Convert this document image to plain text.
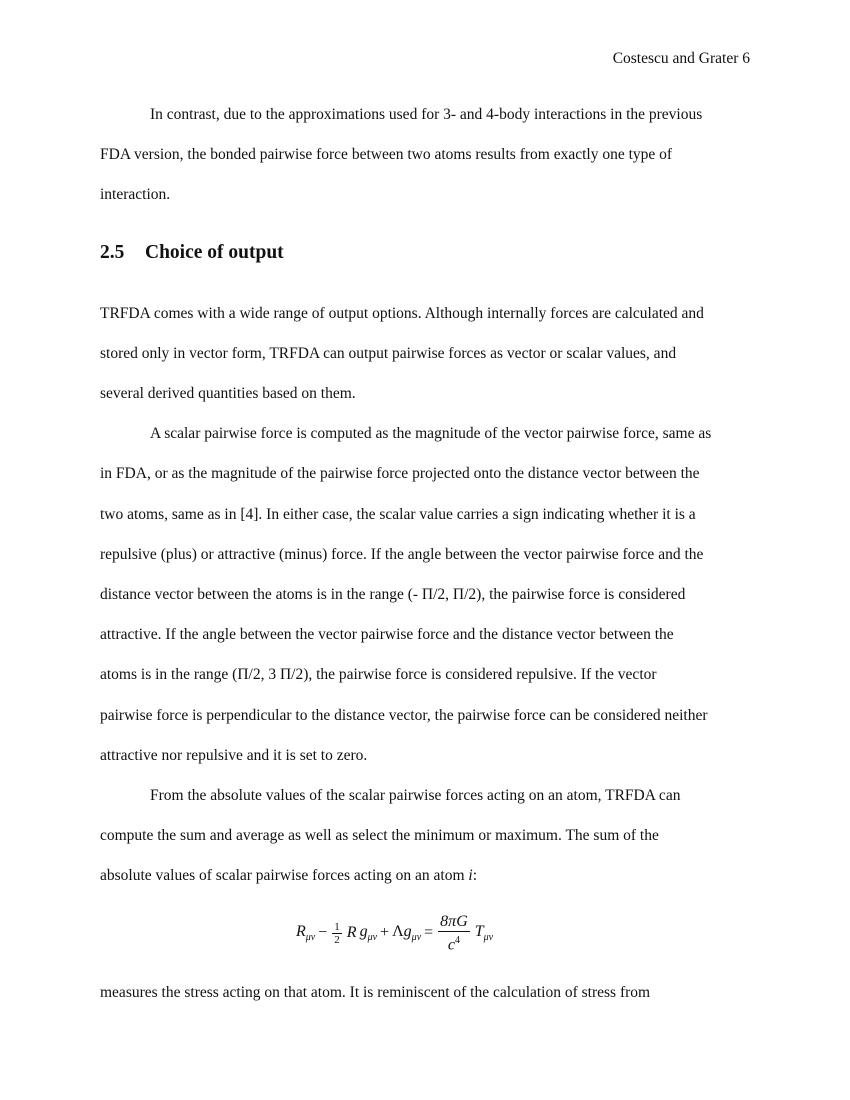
Costescu and Grater 6

In contrast, due to the approximations used for 3- and 4-body interactions in the previous
FDA version, the bonded pairwise force between two atoms results from exactly one type of
interaction.

2.5 Choice of output

TRFDA comes with a wide range of output options. Although internally forces are calculated and
stored only in vector form, TRFDA can output pairwise forces as vector or scalar values, and
several derived quantities based on them.

A scalar pairwise force is computed as the magnitude of the vector pairwise force, same as
in FDA, or as the magnitude of the pairwise force projected onto the distance vector between the
two atoms, same as in [4]. In either case, the scalar value carries a sign indicating whether it is a
repulsive (plus) or attractive (minus) force. If the angle between the vector pairwise force and the
distance vector between the atoms is in the range (- Π/2, Π/2), the pairwise force is considered
attractive. If the angle between the vector pairwise force and the distance vector between the
atoms is in the range (Π/2, 3 Π/2), the pairwise force is considered repulsive. If the vector
pairwise force is perpendicular to the distance vector, the pairwise force can be considered neither
attractive nor repulsive and it is set to zero.

From the absolute values of the scalar pairwise forces acting on an atom, TRFDA can
compute the sum and average as well as select the minimum or maximum. The sum of the
absolute values of scalar pairwise forces acting on an atom i:

$R_{\mu\nu} - \frac{1}{2}$ R $g_{\mu\nu} + \Lambda g_{\mu\nu} = \frac{8\pi G}{c^4} T_{\mu\nu}$

measures the stress acting on that atom. It is reminiscent of the calculation of stress from
